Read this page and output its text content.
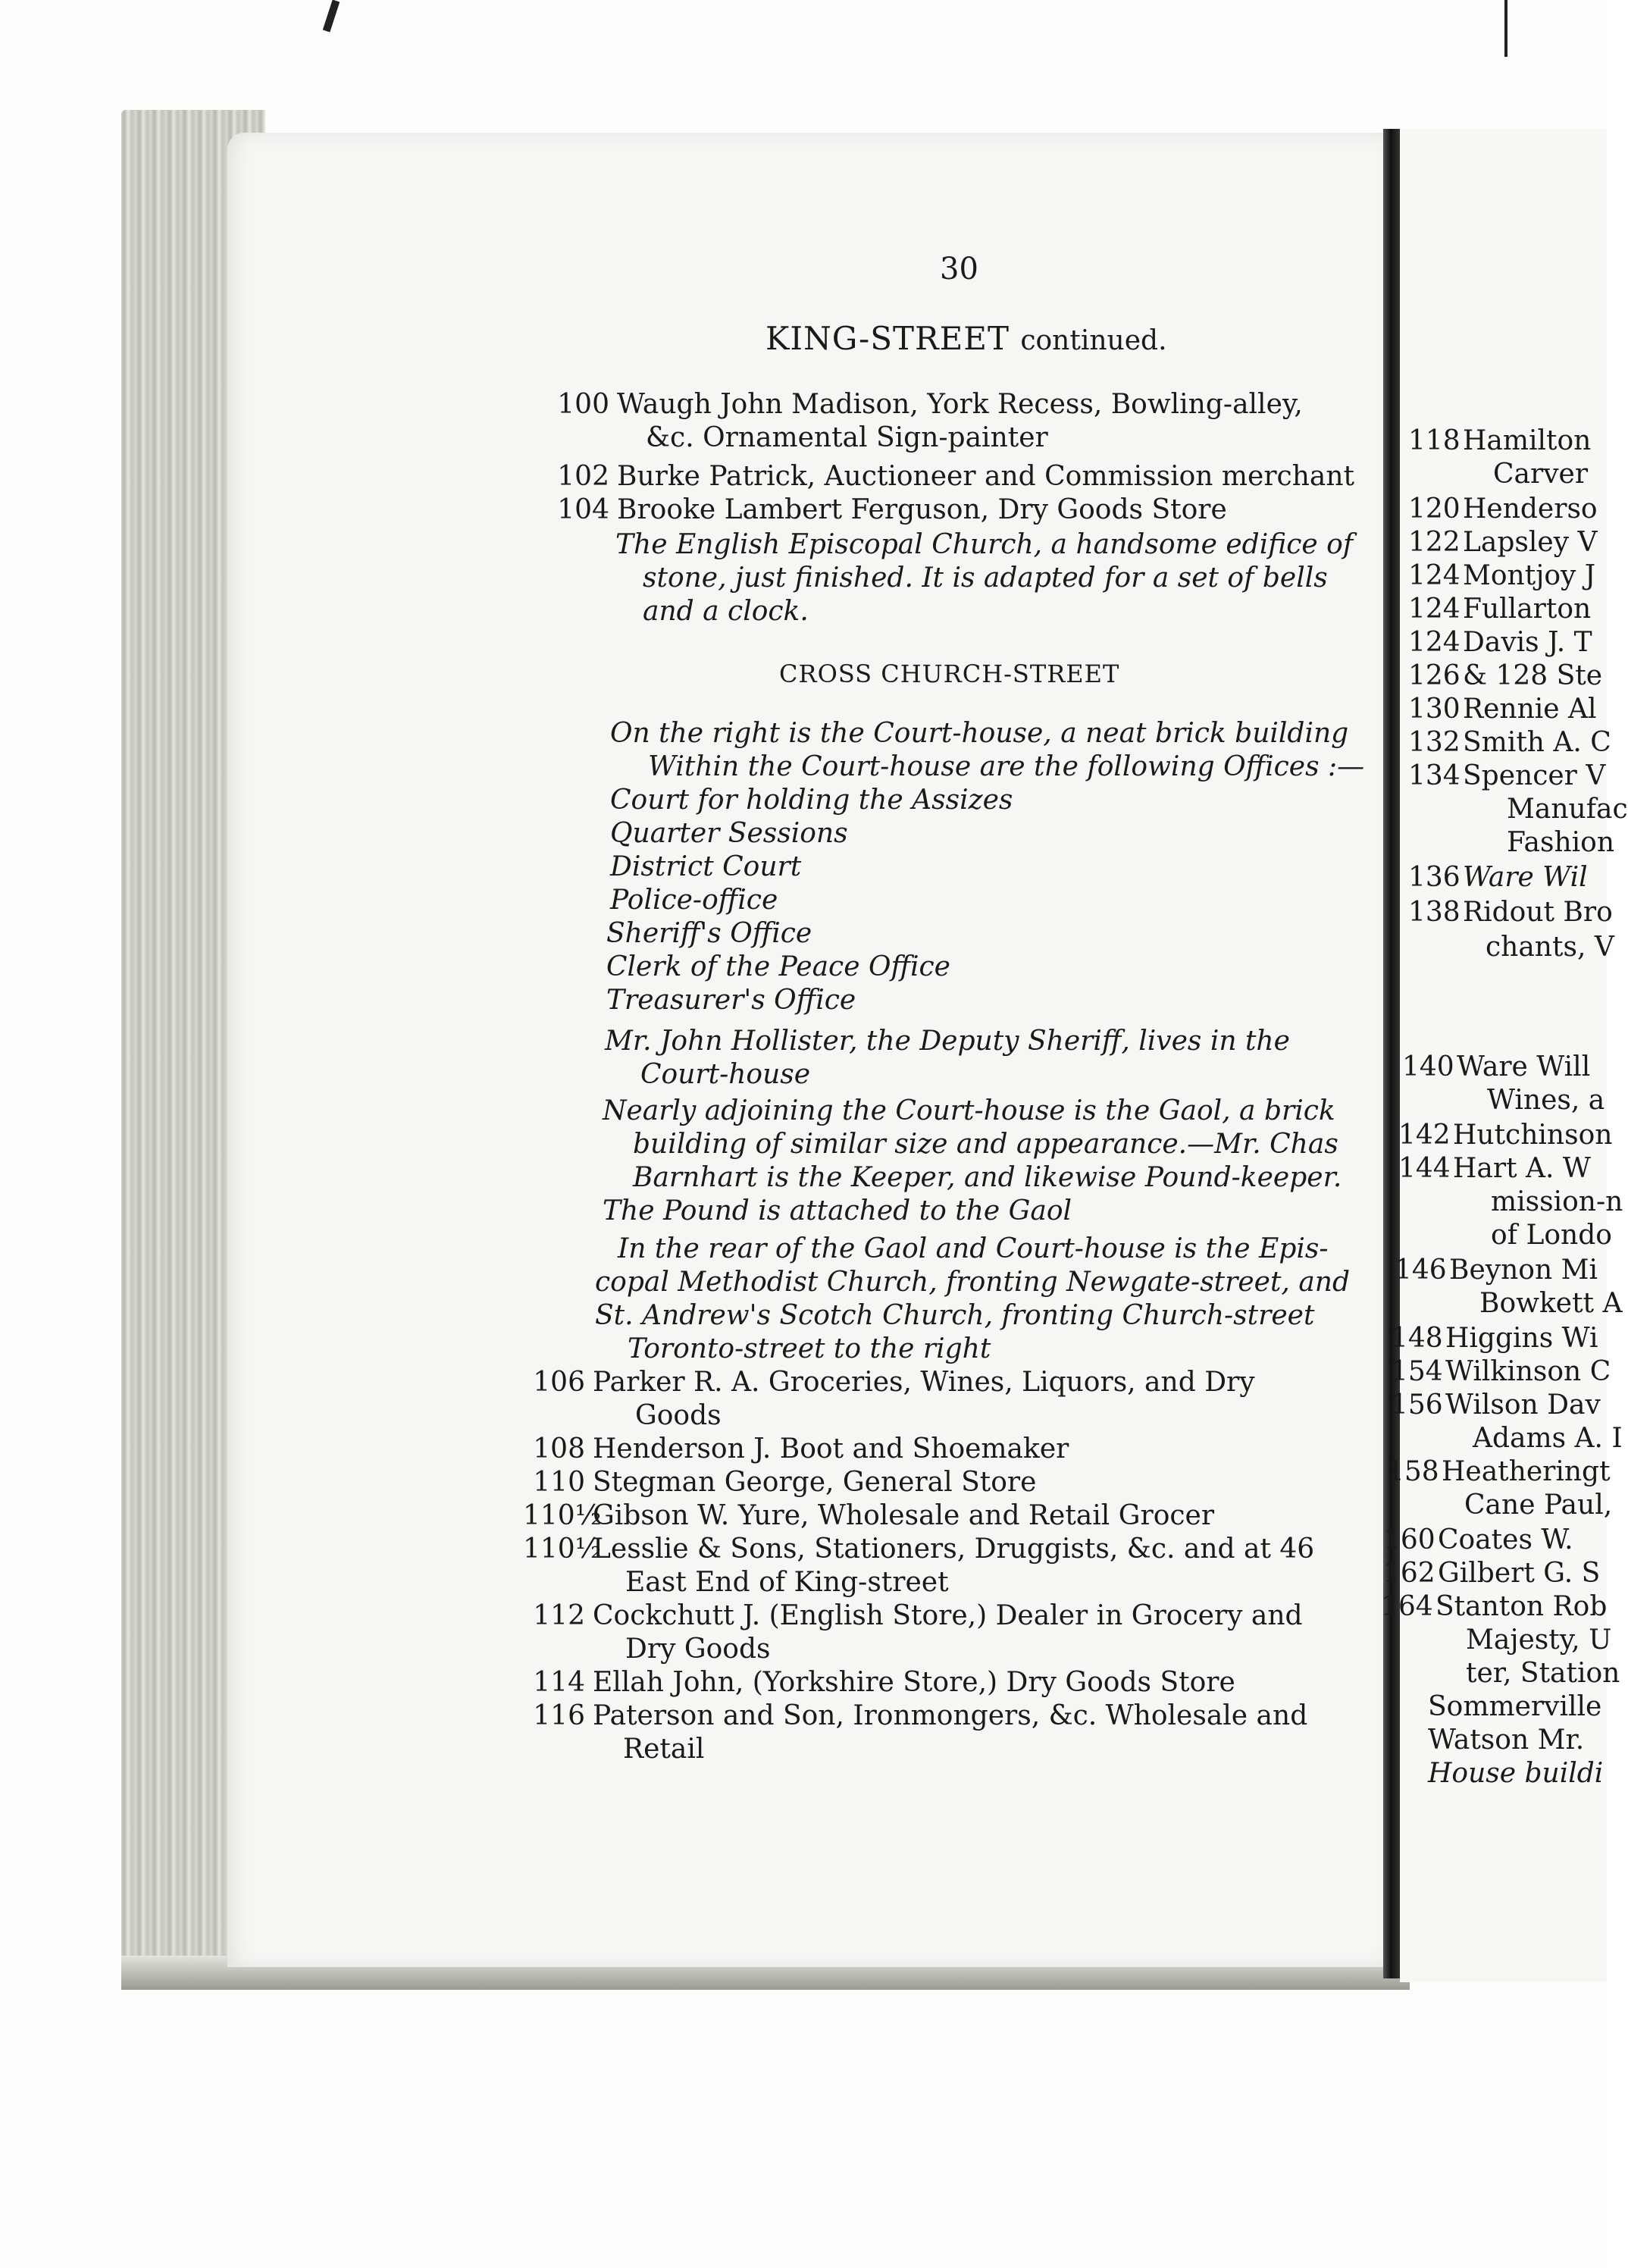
30
KING-STREET continued.
100 Waugh John Madison, York Recess, Bowling-alley,
&c. Ornamental Sign-painter
102 Burke Patrick, Auctioneer and Commission merchant
104 Brooke Lambert Ferguson, Dry Goods Store
The English Episcopal Church, a handsome edifice of
stone, just finished. It is adapted for a set of bells
and a clock.
CROSS CHURCH-STREET
On the right is the Court-house, a neat brick building
Within the Court-house are the following Offices :—
Court for holding the Assizes
Quarter Sessions
District Court
Police-office
Sheriff's Office
Clerk of the Peace Office
Treasurer's Office
Mr. John Hollister, the Deputy Sheriff, lives in the
Court-house
Nearly adjoining the Court-house is the Gaol, a brick
building of similar size and appearance.—Mr. Chas
Barnhart is the Keeper, and likewise Pound-keeper.
The Pound is attached to the Gaol
In the rear of the Gaol and Court-house is the Epis-
copal Methodist Church, fronting Newgate-street, and
St. Andrew's Scotch Church, fronting Church-street
Toronto-street to the right
106 Parker R. A. Groceries, Wines, Liquors, and Dry
Goods
108 Henderson J. Boot and Shoemaker
110 Stegman George, General Store
110½
Gibson W. Yure, Wholesale and Retail Grocer
110½
Lesslie & Sons, Stationers, Druggists, &c. and at 46
East End of King-street
112 Cockchutt J. (English Store,) Dealer in Grocery and
Dry Goods
114 Ellah John, (Yorkshire Store,) Dry Goods Store
116 Paterson and Son, Ironmongers, &c. Wholesale and
Retail
118Hamilton
Carver
120Henderso
122Lapsley V
124Montjoy J
124Fullarton
124Davis J. T
126& 128 Ste
130Rennie Al
132Smith A. C
134Spencer V
Manufac
Fashion
136Ware Wil
138Ridout Bro
chants, V
140Ware Will
Wines, a
142Hutchinson
144Hart A. W
mission-n
of Londo
146Beynon Mi
Bowkett A
148Higgins Wi
154Wilkinson C
156Wilson Dav
Adams A. I
158Heatheringt
Cane Paul,
160Coates W.
162Gilbert G. S
164Stanton Rob
Majesty, U
ter, Station
Sommerville
Watson Mr.
House buildi
